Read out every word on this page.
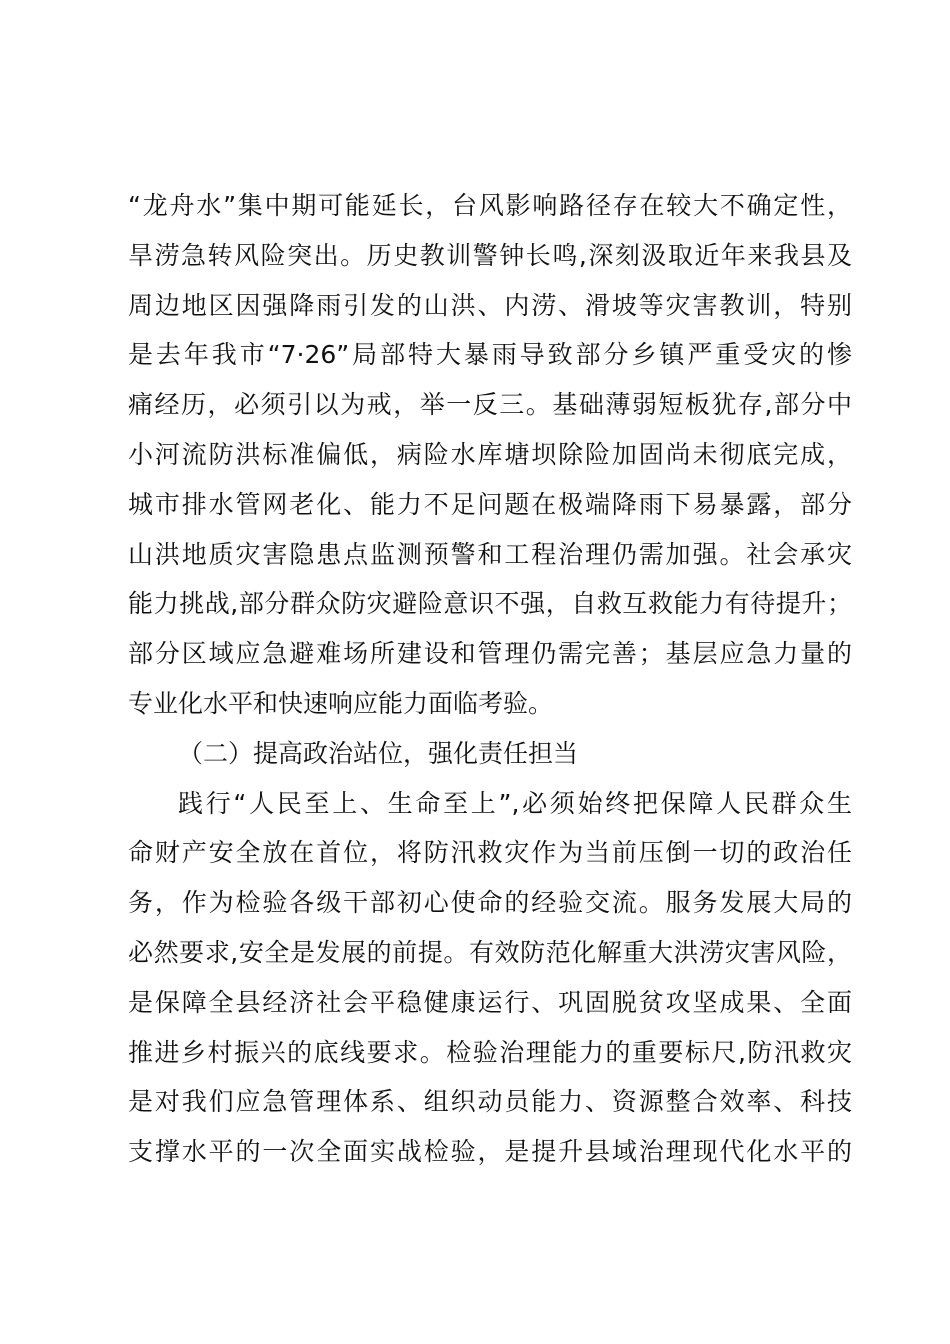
“龙舟水”集中期可能延长，台风影响路径存在较大不确定性，
旱涝急转风险突出。历史教训警钟长鸣,深刻汲取近年来我县及
周边地区因强降雨引发的山洪、内涝、滑坡等灾害教训，特别
是去年我市“7·26”局部特大暴雨导致部分乡镇严重受灾的惨
痛经历，必须引以为戒，举一反三。基础薄弱短板犹存,部分中
小河流防洪标准偏低，病险水库塘坝除险加固尚未彻底完成，
城市排水管网老化、能力不足问题在极端降雨下易暴露，部分
山洪地质灾害隐患点监测预警和工程治理仍需加强。社会承灾
能力挑战,部分群众防灾避险意识不强，自救互救能力有待提升；
部分区域应急避难场所建设和管理仍需完善；基层应急力量的
专业化水平和快速响应能力面临考验。
（二）提高政治站位，强化责任担当
践行“人民至上、生命至上”,必须始终把保障人民群众生
命财产安全放在首位，将防汛救灾作为当前压倒一切的政治任
务，作为检验各级干部初心使命的经验交流。服务发展大局的
必然要求,安全是发展的前提。有效防范化解重大洪涝灾害风险，
是保障全县经济社会平稳健康运行、巩固脱贫攻坚成果、全面
推进乡村振兴的底线要求。检验治理能力的重要标尺,防汛救灾
是对我们应急管理体系、组织动员能力、资源整合效率、科技
支撑水平的一次全面实战检验，是提升县域治理现代化水平的
